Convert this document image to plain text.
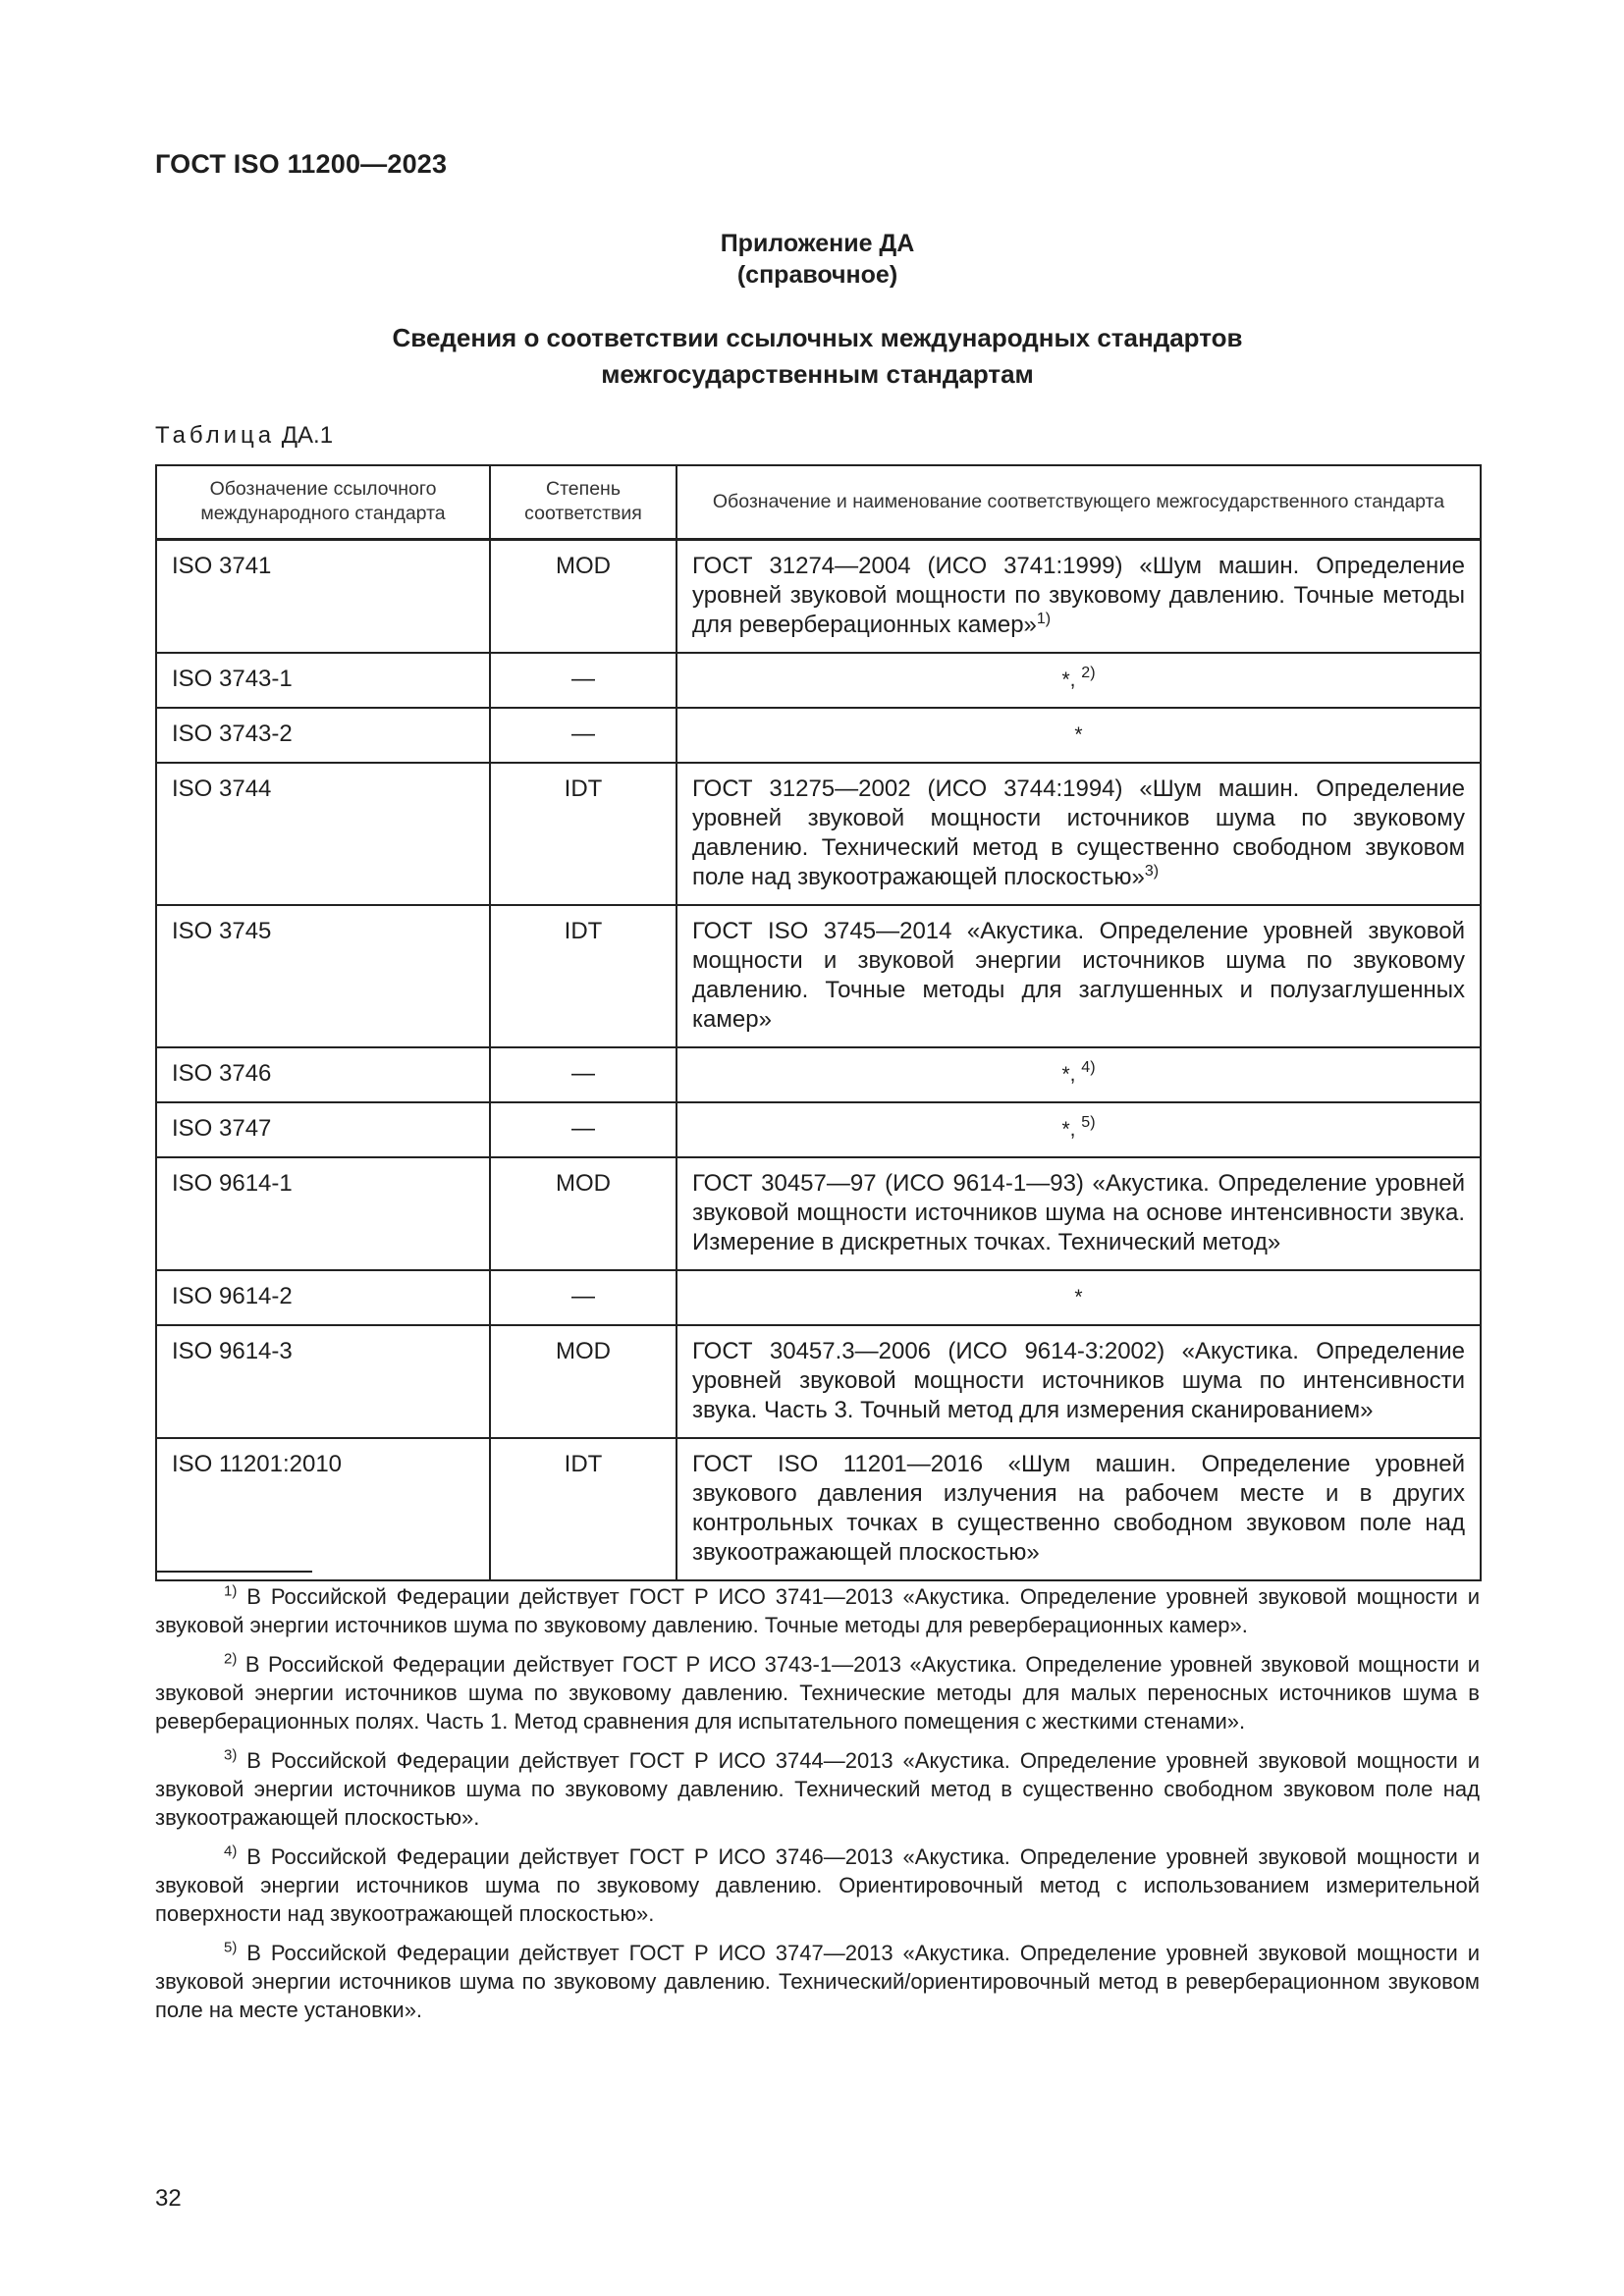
ГОСТ ISO 11200—2023
Приложение ДА
(справочное)
Сведения о соответствии ссылочных международных стандартов
межгосударственным стандартам
Таблица ДА.1
Обозначение ссылочного международного стандарта	Степень соответствия	Обозначение и наименование соответствующего межгосударственного стандарта
ISO 3741	MOD	ГОСТ 31274—2004 (ИСО 3741:1999) «Шум машин. Определение уровней звуковой мощности по звуковому давлению. Точные методы для реверберационных камер»$^{1)}$
ISO 3743-1	—	*, $^{2)}$
ISO 3743-2	—	*
ISO 3744	IDT	ГОСТ 31275—2002 (ИСО 3744:1994) «Шум машин. Определение уровней звуковой мощности источников шума по звуковому давлению. Технический метод в существенно свободном звуковом поле над звукоотражающей плоскостью»$^{3)}$
ISO 3745	IDT	ГОСТ ISO 3745—2014 «Акустика. Определение уровней звуковой мощности и звуковой энергии источников шума по звуковому давлению. Точные методы для заглушенных и полузаглушенных камер»
ISO 3746	—	*, $^{4)}$
ISO 3747	—	*, $^{5)}$
ISO 9614-1	MOD	ГОСТ 30457—97 (ИСО 9614-1—93) «Акустика. Определение уровней звуковой мощности источников шума на основе интенсивности звука. Измерение в дискретных точках. Технический метод»
ISO 9614-2	—	*
ISO 9614-3	MOD	ГОСТ 30457.3—2006 (ИСО 9614-3:2002) «Акустика. Определение уровней звуковой мощности источников шума по интенсивности звука. Часть 3. Точный метод для измерения сканированием»
ISO 11201:2010	IDT	ГОСТ ISO 11201—2016 «Шум машин. Определение уровней звукового давления излучения на рабочем месте и в других контрольных точках в существенно свободном звуковом поле над звукоотражающей плоскостью»

$^{1)}$ В Российской Федерации действует ГОСТ Р ИСО 3741—2013 «Акустика. Определение уровней звуковой мощности и звуковой энергии источников шума по звуковому давлению. Точные методы для реверберационных камер».

$^{2)}$ В Российской Федерации действует ГОСТ Р ИСО 3743-1—2013 «Акустика. Определение уровней звуковой мощности и звуковой энергии источников шума по звуковому давлению. Технические методы для малых переносных источников шума в реверберационных полях. Часть 1. Метод сравнения для испытательного помещения с жесткими стенами».

$^{3)}$ В Российской Федерации действует ГОСТ Р ИСО 3744—2013 «Акустика. Определение уровней звуковой мощности и звуковой энергии источников шума по звуковому давлению. Технический метод в существенно свободном звуковом поле над звукоотражающей плоскостью».

$^{4)}$ В Российской Федерации действует ГОСТ Р ИСО 3746—2013 «Акустика. Определение уровней звуковой мощности и звуковой энергии источников шума по звуковому давлению. Ориентировочный метод с использованием измерительной поверхности над звукоотражающей плоскостью».

$^{5)}$ В Российской Федерации действует ГОСТ Р ИСО 3747—2013 «Акустика. Определение уровней звуковой мощности и звуковой энергии источников шума по звуковому давлению. Технический/ориентировочный метод в реверберационном звуковом поле на месте установки».

32
